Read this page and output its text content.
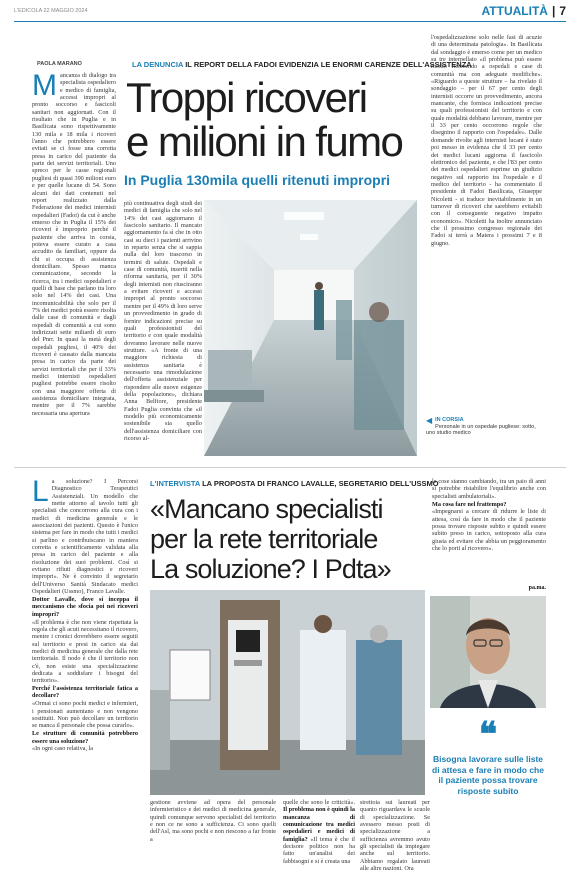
L'EDICOLA 22 MAGGIO 2024	ATTUALITÀ | 7
LA DENUNCIA IL REPORT DELLA FADOI EVIDENZIA LE ENORMI CARENZE DELL'ASSISTENZA
PAOLA MARANO
Troppi ricoveri
e milioni in fumo
In Puglia 130mila quelli ritenuti impropri
Mancanza di dialogo tra specialista ospedaliero e medico di famiglia, accessi impropri al pronto soccorso e fascicoli sanitari non aggiornati. Con il risultato che in Puglia e in Basilicata sono rispettivamente 130 mila e 18 mila i ricoveri l'anno che potrebbero essere evitati se ci fosse una corretta presa in carico del paziente da parte dei servizi territoriali. Uno spreco per le casse regionali pugliesi di quasi 390 milioni euro e per quelle lucane di 54. Sono alcuni dei dati contenuti nel report realizzato dalla Federazione dei medici internisti ospedalieri (Fadoi) da cui è anche emerso che in Puglia il 15% dei ricoveri è improprio perché il paziente che arriva in corsia, poteva essere curato a casa accudito da familiari, oppure da chi si occupa di assistenza domiciliare. Spesso manca comunicazione, secondo la ricerca, tra i medici ospedalieri e quelli di base che parlano tra loro solo nel 14% dei casi. Una incomunicabilità che solo per il 7% dei medici potrà essere risolta dalle case di comunità e dagli ospedali di comunità a cui sono indirizzati sette miliardi di euro del Pnrr. In quasi la metà degli ospedali pugliesi, il 40% dei ricoveri è causato dalla mancata presa in carico da parte dei servizi territoriali che per il 33% medici internisti ospedalieri pugliesi potrebbe essere risolto con una maggiore offerta di assistenza domiciliare integrata, mentre per il 7% sarebbe necessaria una apertura
più continuativa degli studi dei medici di famiglia che solo nel 14% dei casi aggiornano il fascicolo sanitario. Il mancato aggiornamento fa sì che in otto casi su dieci i pazienti arrivino in reparto senza che si sappia nulla del loro trascorso in termini di salute. Ospedali e case di comunità, inseriti nella riforma sanitaria, per il 30% degli internisti non riusciranno a evitare ricoveri e accessi impropri al pronto soccorso mentre per il 49% di loro serve un provvedimento in grado di fornire indicazioni precise su quali professionisti del territorio e con quale modalità dovranno lavorare nelle nuove strutture. «A fronte di una maggiore richiesta di assistenza sanitaria è necessario una rimodulazione dell'offerta assistenziale per rispondere alle nuove esigenze della popolazione», dichiara Anna Belfiore, presidente Fadoi Puglia convinta che «il modello più economicamente sostenibile sia quello dell'assistenza domiciliare con ricorso al-
l'ospedalizzazione solo nelle fasi di acuzie di una determinata patologia». In Basilicata dal sondaggio è emerso come per un medico su tre interpellato «il problema può essere risolto ricorrendo a ospedali e case di comunità ma con adeguate modifiche». «Riguardo a queste strutture – ha rivelato il sondaggio – per il 67 per cento degli internisti occorre un provvedimento, ancora mancante, che fornisca indicazioni precise su quali professionisti del territorio e con quale modalità debbano lavorare, mentre per il 33 per cento occorrono regole che disegnino il rapporto con l'ospedale». Dalle domande rivolte agli internisti lucani è stato poi messo in evidenza che il 33 per cento dei medici lucani aggiorna il fascicolo elettronico del paziente, e che l'83 per cento dei medici ospedalieri esprime un giudizio negativo sul rapporto tra l'ospedale e il medico del territorio - ha commentato il presidente di Fadoi Basilicata, Giuseppe Nicoletti - si traduce inevitabilmente in un turnover di ricoveri che sarebbero evitabili con il conseguente negativo impatto economico». Nicoletti ha inoltre annunciato che il prossimo congresso regionale dei Fadoi si terrà a Matera i prossimi 7 e 8 giugno.
◀ IN CORSIA
Personale in un ospedale pugliese: sotto, uno studio medico
L'INTERVISTA LA PROPOSTA DI FRANCO LAVALLE, SEGRETARIO DELL'USSMO
«Mancano specialisti
per la rete territoriale
La soluzione? I Pdta»
L a soluzione? I Percorsi Diagnostico Terapeutici Assistenziali. Un modello che mette attorno al tavolo tutti gli specialisti che concorrono alla cura con i medici di medicina generale e le associazioni dei pazienti. Questo è l'unico sistema per fare in modo che tutti i medici si parlino e contribuiscano in maniera corretta e scientificamente validata alla presa in carico del paziente e alla risoluzione dei suoi problemi. Così si evitano rifiuti diagnostici e ricoveri impropri». Ne è convinto il segretario dell'Universo Sanità Sindacato medici Ospedalieri (Ussmo), Franco Lavalle.

Dottor Lavalle, dove si inceppa il meccanismo che sfocia poi nei ricoveri impropri?

«Il problema è che non viene rispettata la regola che gli acuti necessitano il ricovero, mentre i cronici dovrebbero essere seguiti sul territorio e presi in carico sia dai medici di medicina generale che dalla rete territoriale. Il nodo è che il territorio non c'è, non esiste una specializzazione dedicata a soddisfare i bisogni del territorio».

Perché l'assistenza territoriale fatica a decollare?

«Ormai ci sono pochi medici e infermieri, i pensionati aumentano e non vengono sostituiti. Non può decollare un territorio se manca il personale che possa curarlo».

Le strutture di comunità potrebbero essere una soluzione?

«In ogni caso relativa, la

gestione avviene ad opera del personale infermieristico e dei medici di medicina generale, quindi comunque servono specialisti del territorio e non ce ne sono a sufficienza. Ci sono quelli dell'Asl, ma sono pochi e non riescono a far fronte a
quelle che sono le criticità». Il problema non è quindi la mancanza di comunicazione tra medici ospedalieri e medici di famiglia? «Il tema è che il decisore politico non ha fatto un'analisi dei fabbisogni e si è creata una
strettoia sui laureati per quanto riguardava le scuole di specializzazione. Se avessero messo posti di specializzazione a sufficienza avremmo avuto gli specialisti da impiegare anche sul territorio. Abbiamo regalato laureati alle altre nazioni. Ora

le cose stanno cambiando, tra un paio di anni si potrebbe ristabilire l'equilibrio anche con specialisti ambulatoriali».

Ma cosa fare nel frattempo?

«Impegnarsi a cercare di ridurre le liste di attesa, così da fare in modo che il paziente possa trovare risposte subito e quindi essere subito preso in carico, sottoposto alla cura giusta ed evitare che abbia un peggioramento che lo porti al ricovero».

pa.ma.
❝
Bisogna lavorare sulle liste di attesa e fare in modo che il paziente possa trovare risposte subito
